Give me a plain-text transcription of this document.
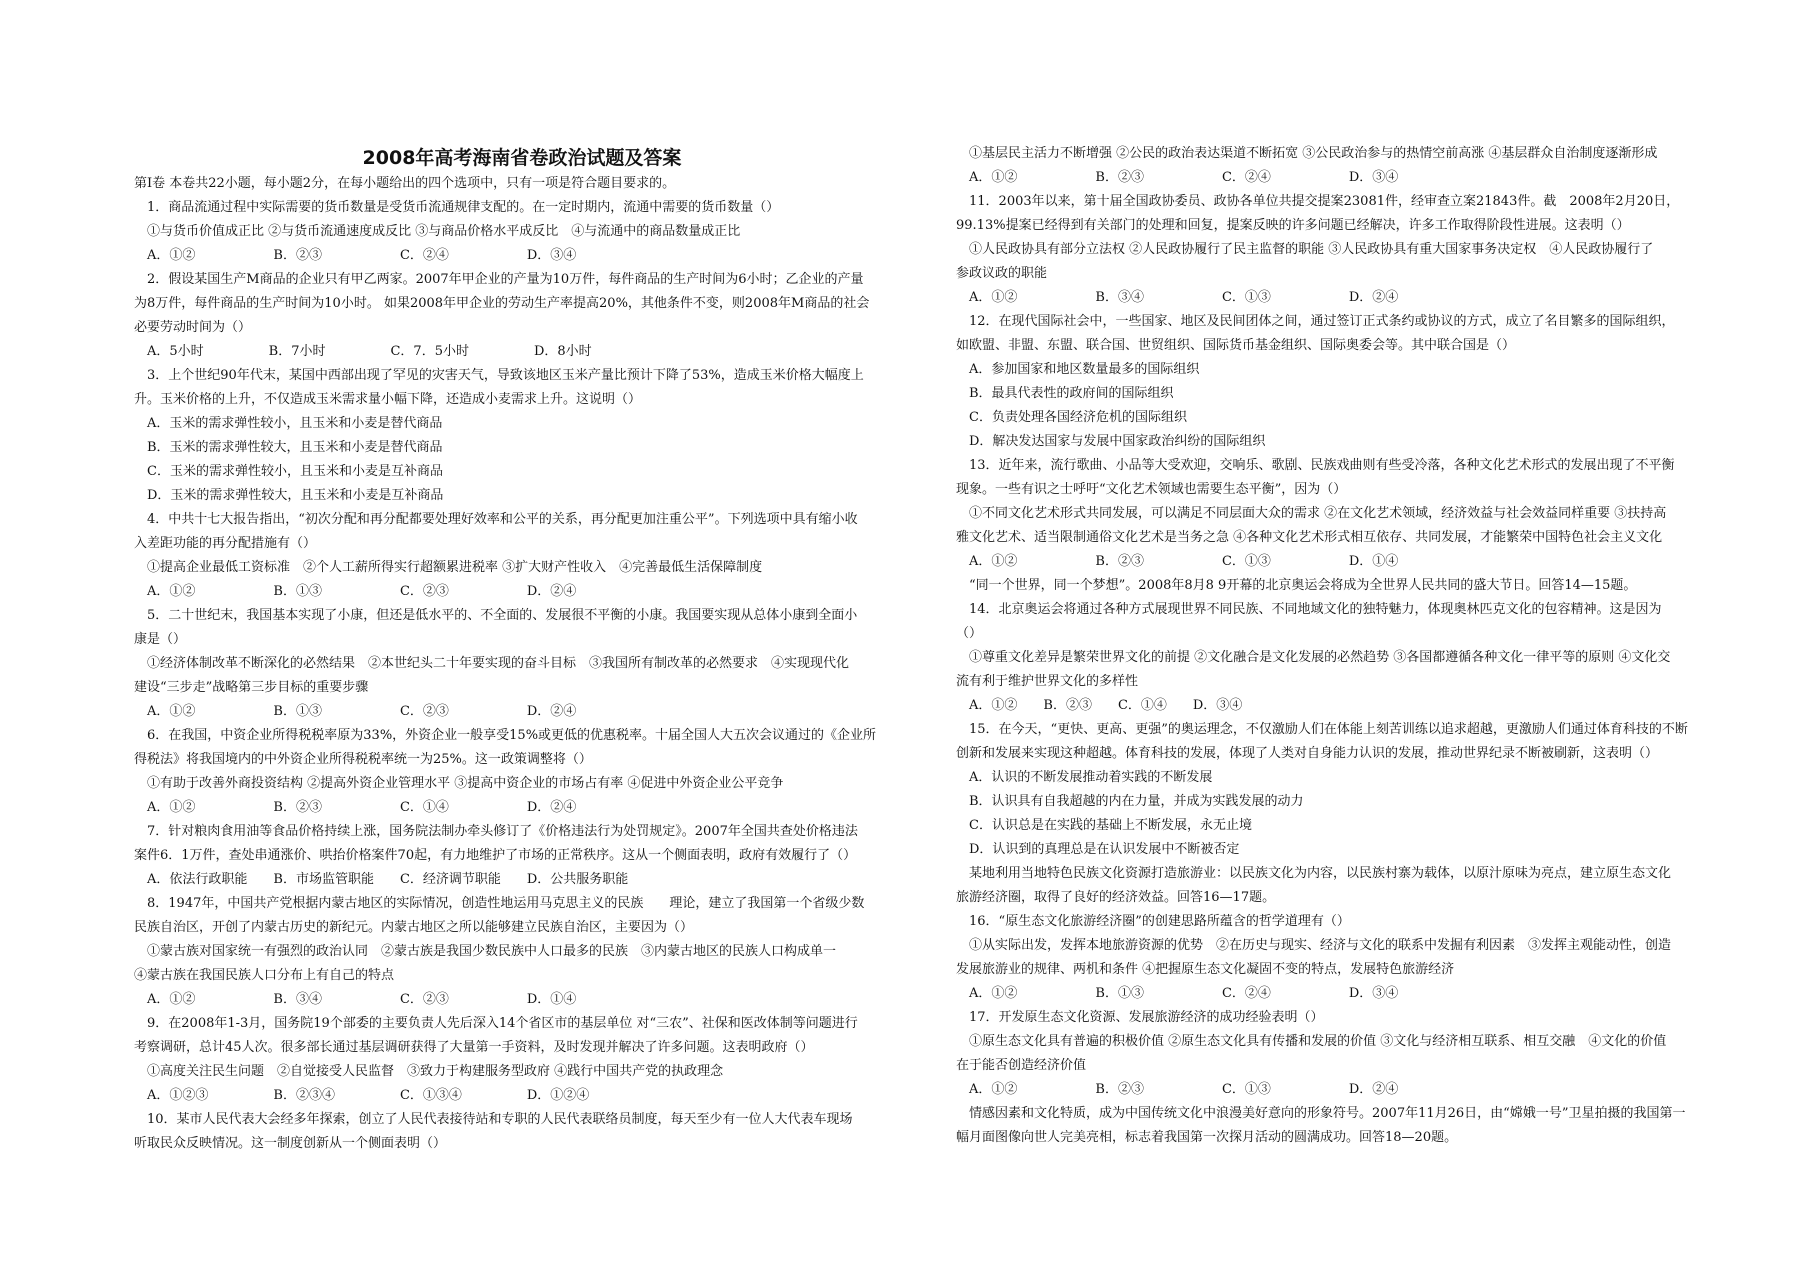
2008年高考海南省卷政治试题及答案
第Ⅰ卷 本卷共22小题，每小题2分，在每小题给出的四个选项中，只有一项是符合题目要求的。
　1．商品流通过程中实际需要的货币数量是受货币流通规律支配的。在一定时期内，流通中需要的货币数量（）
　①与货币价值成正比 ②与货币流通速度成反比 ③与商品价格水平成反比　④与流通中的商品数量成正比
　A．①②　　　　　　B．②③　　　　　　C．②④　　　　　　D．③④
　2．假设某国生产M商品的企业只有甲乙两家。2007年甲企业的产量为10万件，每件商品的生产时间为6小时；乙企业的产量
为8万件，每件商品的生产时间为10小时。 如果2008年甲企业的劳动生产率提高20%，其他条件不变，则2008年M商品的社会
必要劳动时间为（）
　A．5小时　　　　　B．7小时　　　　　C．7．5小时　　　　　D．8小时
　3．上个世纪90年代末，某国中西部出现了罕见的灾害天气，导致该地区玉米产量比预计下降了53%，造成玉米价格大幅度上
升。玉米价格的上升，不仅造成玉米需求量小幅下降，还造成小麦需求上升。这说明（）
　A．玉米的需求弹性较小，且玉米和小麦是替代商品
　B．玉米的需求弹性较大，且玉米和小麦是替代商品
　C．玉米的需求弹性较小，且玉米和小麦是互补商品
　D．玉米的需求弹性较大，且玉米和小麦是互补商品
　4．中共十七大报告指出，“初次分配和再分配都要处理好效率和公平的关系，再分配更加注重公平”。下列选项中具有缩小收
入差距功能的再分配措施有（）
　①提高企业最低工资标准　②个人工薪所得实行超额累进税率 ③扩大财产性收入　④完善最低生活保障制度
　A．①②　　　　　　B．①③　　　　　　C．②③　　　　　　D．②④
　5．二十世纪末，我国基本实现了小康，但还是低水平的、不全面的、发展很不平衡的小康。我国要实现从总体小康到全面小
康是（）
　①经济体制改革不断深化的必然结果　②本世纪头二十年要实现的奋斗目标　③我国所有制改革的必然要求　④实现现代化
建设“三步走”战略第三步目标的重要步骤
　A．①②　　　　　　B．①③　　　　　　C．②③　　　　　　D．②④
　6．在我国，中资企业所得税税率原为33%，外资企业一般享受15%或更低的优惠税率。十届全国人大五次会议通过的《企业所
得税法》将我国境内的中外资企业所得税税率统一为25%。这一政策调整将（）
　①有助于改善外商投资结构 ②提高外资企业管理水平 ③提高中资企业的市场占有率 ④促进中外资企业公平竞争
　A．①②　　　　　　B．②③　　　　　　C．①④　　　　　　D．②④
　7．针对粮肉食用油等食品价格持续上涨，国务院法制办牵头修订了《价格违法行为处罚规定》。2007年全国共查处价格违法
案件6．1万件，查处串通涨价、哄抬价格案件70起，有力地维护了市场的正常秩序。这从一个侧面表明，政府有效履行了（）
　A．依法行政职能　　B．市场监管职能　　C．经济调节职能　　D．公共服务职能
　8．1947年，中国共产党根据内蒙古地区的实际情况，创造性地运用马克思主义的民族　　理论，建立了我国第一个省级少数
民族自治区，开创了内蒙古历史的新纪元。内蒙古地区之所以能够建立民族自治区，主要因为（）
　①蒙古族对国家统一有强烈的政治认同　②蒙古族是我国少数民族中人口最多的民族　③内蒙古地区的民族人口构成单一
④蒙古族在我国民族人口分布上有自己的特点
　A．①②　　　　　　B．③④　　　　　　C．②③　　　　　　D．①④
　9．在2008年1-3月，国务院19个部委的主要负责人先后深入14个省区市的基层单位 对“三农”、社保和医改体制等问题进行
考察调研，总计45人次。很多部长通过基层调研获得了大量第一手资料，及时发现并解决了许多问题。这表明政府（）
　①高度关注民生问题　②自觉接受人民监督　③致力于构建服务型政府 ④践行中国共产党的执政理念
　A．①②③　　　　　B．②③④　　　　　C．①③④　　　　　D．①②④
　10．某市人民代表大会经多年探索，创立了人民代表接待站和专职的人民代表联络员制度，每天至少有一位人大代表车现场
听取民众反映情况。这一制度创新从一个侧面表明（）
　①基层民主活力不断增强 ②公民的政治表达渠道不断拓宽 ③公民政治参与的热情空前高涨 ④基层群众自治制度逐渐形成
　A．①②　　　　　　B．②③　　　　　　C．②④　　　　　　D．③④
　11．2003年以来，第十届全国政协委员、政协各单位共提交提案23081件，经审查立案21843件。截　2008年2月20日，
99.13%提案已经得到有关部门的处理和回复，提案反映的许多问题已经解决，许多工作取得阶段性进展。这表明（）
　①人民政协具有部分立法权 ②人民政协履行了民主监督的职能 ③人民政协具有重大国家事务决定权　④人民政协履行了
参政议政的职能
　A．①②　　　　　　B．③④　　　　　　C．①③　　　　　　D．②④
　12．在现代国际社会中，一些国家、地区及民间团体之间，通过签订正式条约或协议的方式，成立了名目繁多的国际组织，
如欧盟、非盟、东盟、联合国、世贸组织、国际货币基金组织、国际奥委会等。其中联合国是（）
　A．参加国家和地区数量最多的国际组织
　B．最具代表性的政府间的国际组织
　C．负责处理各国经济危机的国际组织
　D．解决发达国家与发展中国家政治纠纷的国际组织
　13．近年来，流行歌曲、小品等大受欢迎，交响乐、歌剧、民族戏曲则有些受冷落，各种文化艺术形式的发展出现了不平衡
现象。一些有识之士呼吁“文化艺术领域也需要生态平衡”，因为（）
　①不同文化艺术形式共同发展，可以满足不同层面大众的需求 ②在文化艺术领域，经济效益与社会效益同样重要 ③扶持高
雅文化艺术、适当限制通俗文化艺术是当务之急 ④各种文化艺术形式相互依存、共同发展，才能繁荣中国特色社会主义文化
　A．①②　　　　　　B．②③　　　　　　C．①③　　　　　　D．①④
　“同一个世界，同一个梦想”。2008年8月8 9开幕的北京奥运会将成为全世界人民共同的盛大节日。回答14—15题。
　14．北京奥运会将通过各种方式展现世界不同民族、不同地域文化的独特魅力，体现奥林匹克文化的包容精神。这是因为
（）
　①尊重文化差异是繁荣世界文化的前提 ②文化融合是文化发展的必然趋势 ③各国都遵循各种文化一律平等的原则 ④文化交
流有利于维护世界文化的多样性
　A．①②　　B．②③　　C．①④　　D．③④
　15．在今天，“更快、更高、更强”的奥运理念，不仅激励人们在体能上刻苦训练以追求超越，更激励人们通过体育科技的不断
创新和发展来实现这种超越。体育科技的发展，体现了人类对自身能力认识的发展，推动世界纪录不断被刷新，这表明（）
　A．认识的不断发展推动着实践的不断发展
　B．认识具有自我超越的内在力量，并成为实践发展的动力
　C．认识总是在实践的基础上不断发展，永无止境
　D．认识到的真理总是在认识发展中不断被否定
　某地利用当地特色民族文化资源打造旅游业：以民族文化为内容，以民族村寨为载体，以原汁原味为亮点，建立原生态文化
旅游经济圈，取得了良好的经济效益。回答16—17题。
　16．“原生态文化旅游经济圈”的创建思路所蕴含的哲学道理有（）
　①从实际出发，发挥本地旅游资源的优势　②在历史与现实、经济与文化的联系中发掘有利因素　③发挥主观能动性，创造
发展旅游业的规律、两机和条件 ④把握原生态文化凝固不变的特点，发展特色旅游经济
　A．①②　　　　　　B．①③　　　　　　C．②④　　　　　　D．③④
　17．开发原生态文化资源、发展旅游经济的成功经验表明（）
　①原生态文化具有普遍的积极价值 ②原生态文化具有传播和发展的价值 ③文化与经济相互联系、相互交融　④文化的价值
在于能否创造经济价值
　A．①②　　　　　　B．②③　　　　　　C．①③　　　　　　D．②④
　情感因素和文化特质，成为中国传统文化中浪漫美好意向的形象符号。2007年11月26日，由“嫦娥一号”卫星拍摄的我国第一
幅月面图像向世人完美亮相，标志着我国第一次探月活动的圆满成功。回答18—20题。
